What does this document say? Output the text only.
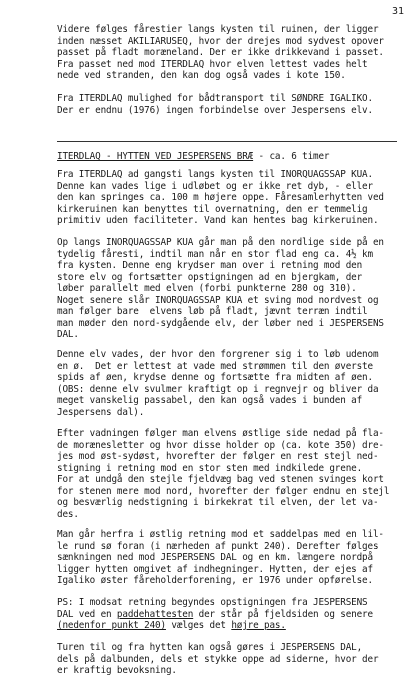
31
Videre følges fårestier langs kysten til ruinen, der ligger
inden næsset AKILIARUSEQ, hvor der drejes mod sydvest opover
passet på fladt moræneland. Der er ikke drikkevand i passet.
Fra passet ned mod ITERDLAQ hvor elven lettest vades helt
nede ved stranden, den kan dog også vades i kote 150.
Fra ITERDLAQ mulighed for bådtransport til SØNDRE IGALIKO.
Der er endnu (1976) ingen forbindelse over Jespersens elv.
ITERDLAQ - HYTTEN VED JESPERSENS BRÆ - ca. 6 timer
Fra ITERDLAQ ad gangsti langs kysten til INORQUAGSSAP KUA.
Denne kan vades lige i udløbet og er ikke ret dyb, - eller
den kan springes ca. 100 m højere oppe. Fåresamlerhytten ved
kirkeruinen kan benyttes til overnatning, den er temmelig
primitiv uden faciliteter. Vand kan hentes bag kirkeruinen.
Op langs INORQUAGSSAP KUA går man på den nordlige side på en
tydelig fåresti, indtil man når en stor flad eng ca. 4½ km
fra kysten. Denne eng krydser man over i retning mod den
store elv og fortsætter opstigningen ad en bjergkam, der
løber parallelt med elven (forbi punkterne 280 og 310).
Noget senere slår INORQUAGSSAP KUA et sving mod nordvest og
man følger bare  elvens løb på fladt, jævnt terræn indtil
man møder den nord-sydgående elv, der løber ned i JESPERSENS
DAL.
Denne elv vades, der hvor den forgrener sig i to løb udenom
en ø.  Det er lettest at vade med strømmen til den øverste
spids af øen, krydse denne og fortsætte fra midten af øen.
(OBS: denne elv svulmer kraftigt op i regnvejr og bliver da
meget vanskelig passabel, den kan også vades i bunden af
Jespersens dal).
Efter vadningen følger man elvens østlige side nedad på fla-
de morænesletter og hvor disse holder op (ca. kote 350) dre-
jes mod øst-sydøst, hvorefter der følger en rest stejl ned-
stigning i retning mod en stor sten med indkilede grene.
For at undgå den stejle fjeldvæg bag ved stenen svinges kort
for stenen mere mod nord, hvorefter der følger endnu en stejl
og besværlig nedstigning i birkekrat til elven, der let va-
des.
Man går herfra i østlig retning mod et saddelpas med en lil-
le rund sø foran (i nærheden af punkt 240). Derefter følges
sænkningen ned mod JESPERSENS DAL og en km. længere nordpå
ligger hytten omgivet af indhegninger. Hytten, der ejes af
Igaliko øster fåreholderforening, er 1976 under opførelse.
PS: I modsat retning begyndes opstigningen fra JESPERSENS
DAL ved en paddehattesten der står på fjeldsiden og senere
(nedenfor punkt 240) vælges det højre pas.
Turen til og fra hytten kan også gøres i JESPERSENS DAL,
dels på dalbunden, dels et stykke oppe ad siderne, hvor der
er kraftig bevoksning.
